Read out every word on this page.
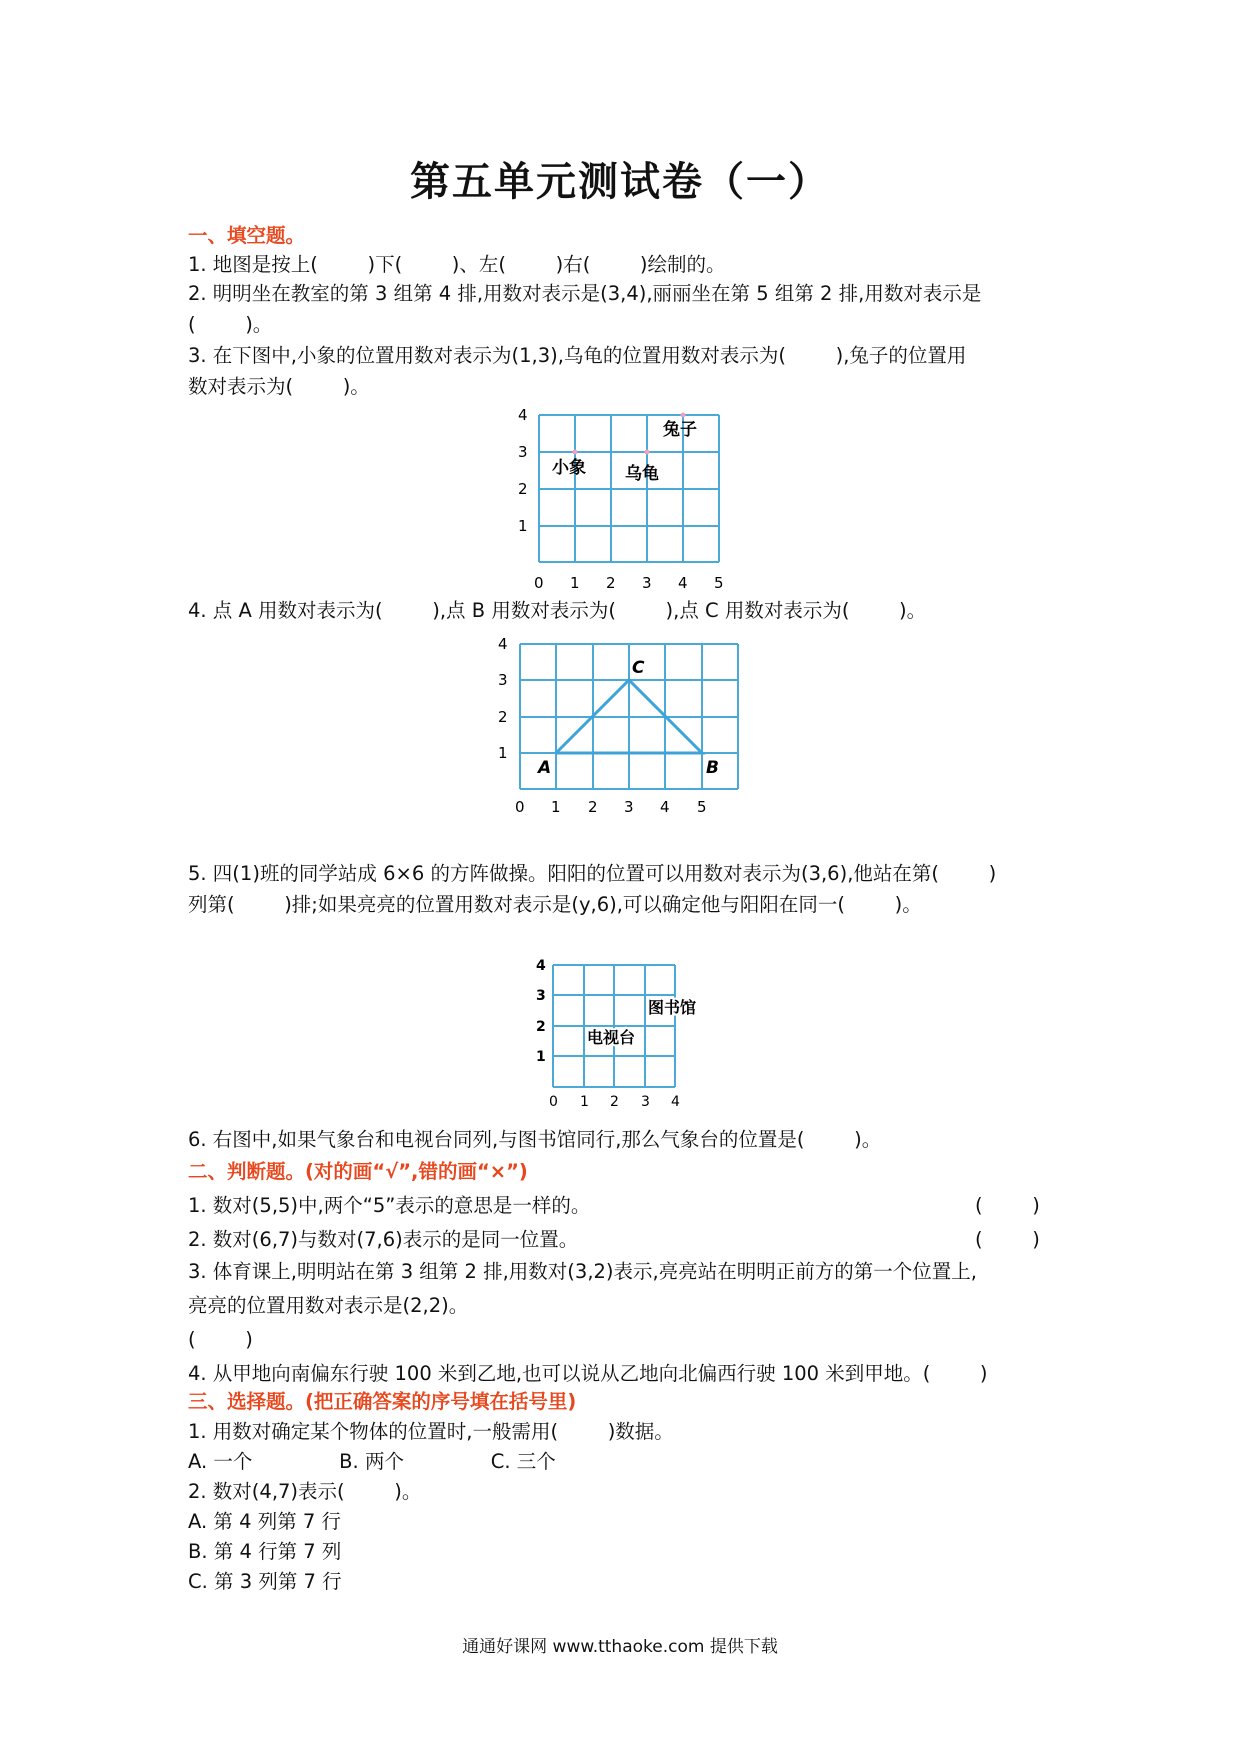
第五单元测试卷（一）
一、填空题。
1. 地图是按上(        )下(        )、左(        )右(        )绘制的。
2. 明明坐在教室的第 3 组第 4 排,用数对表示是(3,4),丽丽坐在第 5 组第 2 排,用数对表示是
(        )。
3. 在下图中,小象的位置用数对表示为(1,3),乌龟的位置用数对表示为(        ),兔子的位置用
数对表示为(        )。
小象 乌龟
兔子
4
3
2
1
0 1 2 3 4 5
4. 点 A 用数对表示为(        ),点 B 用数对表示为(        ),点 C 用数对表示为(        )。
C
A	B
4
3
2
1
0 1 2 3 4 5
5. 四(1)班的同学站成 6×6 的方阵做操。阳阳的位置可以用数对表示为(3,6),他站在第(        )
列第(        )排;如果亮亮的位置用数对表示是(y,6),可以确定他与阳阳在同一(        )。
图书馆
电视台
4
3
2
1
0 1 2 3 4
6. 右图中,如果气象台和电视台同列,与图书馆同行,那么气象台的位置是(        )。
二、判断题。(对的画“√”,错的画“×”)
1. 数对(5,5)中,两个“5”表示的意思是一样的。	(        )
2. 数对(6,7)与数对(7,6)表示的是同一位置。	(        )
3. 体育课上,明明站在第 3 组第 2 排,用数对(3,2)表示,亮亮站在明明正前方的第一个位置上,
亮亮的位置用数对表示是(2,2)。
(        )
4. 从甲地向南偏东行驶 100 米到乙地,也可以说从乙地向北偏西行驶 100 米到甲地。(        )
三、选择题。(把正确答案的序号填在括号里)
1. 用数对确定某个物体的位置时,一般需用(        )数据。
A. 一个              B. 两个              C. 三个
2. 数对(4,7)表示(        )。
A. 第 4 列第 7 行
B. 第 4 行第 7 列
C. 第 3 列第 7 行
通通好课网 www.tthaoke.com 提供下载
